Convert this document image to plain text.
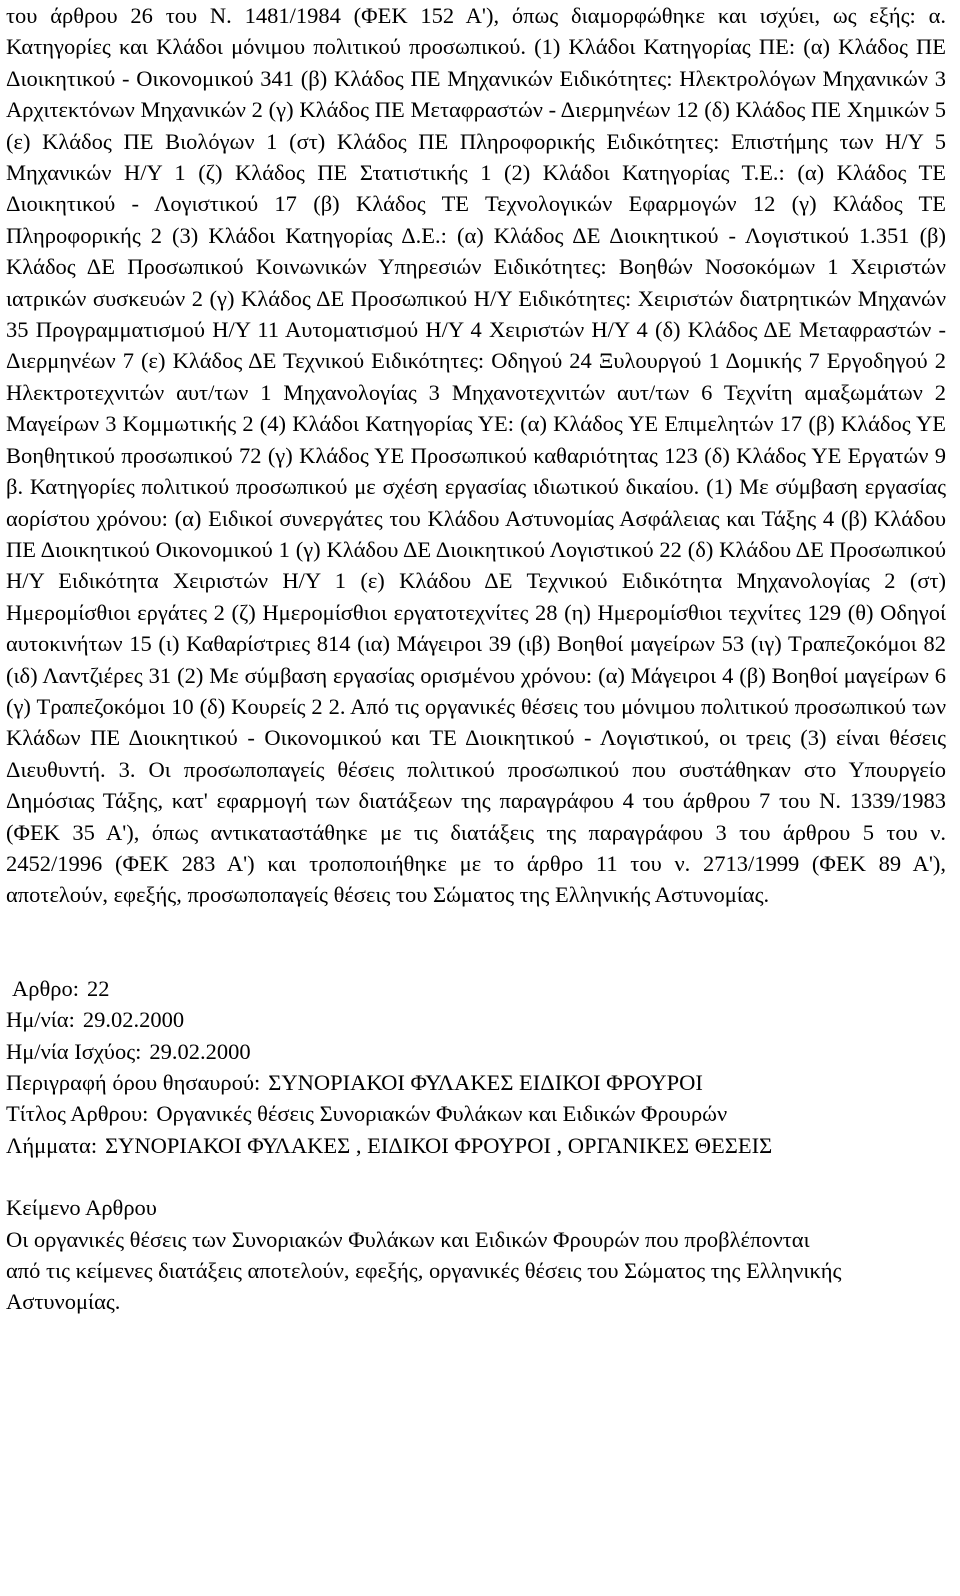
του άρθρου 26 του Ν. 1481/1984 (ΦΕΚ 152 Α'), όπως διαμορφώθηκε και ισχύει, ως εξής: α. Κατηγορίες και Κλάδοι μόνιμου πολιτικού προσωπικού. (1) Κλάδοι Κατηγορίας ΠΕ: (α) Κλάδος ΠΕ Διοικητικού - Οικονομικού 341 (β) Κλάδος ΠΕ Μηχανικών Ειδικότητες: Ηλεκτρολόγων Μηχανικών 3 Αρχιτεκτόνων Μηχανικών 2 (γ) Κλάδος ΠΕ Μεταφραστών - Διερμηνέων 12 (δ) Κλάδος ΠΕ Χημικών 5 (ε) Κλάδος ΠΕ Βιολόγων 1 (στ) Κλάδος ΠΕ Πληροφορικής Ειδικότητες: Επιστήμης των Η/Υ 5 Μηχανικών Η/Υ 1 (ζ) Κλάδος ΠΕ Στατιστικής 1 (2) Κλάδοι Κατηγορίας Τ.Ε.: (α) Κλάδος ΤΕ Διοικητικού - Λογιστικού 17 (β) Κλάδος ΤΕ Τεχνολογικών Εφαρμογών 12 (γ) Κλάδος ΤΕ Πληροφορικής 2 (3) Κλάδοι Κατηγορίας Δ.Ε.: (α) Κλάδος ΔΕ Διοικητικού - Λογιστικού 1.351 (β) Κλάδος ΔΕ Προσωπικού Κοινωνικών Υπηρεσιών Ειδικότητες: Βοηθών Νοσοκόμων 1 Χειριστών ιατρικών συσκευών 2 (γ) Κλάδος ΔΕ Προσωπικού Η/Υ Ειδικότητες: Χειριστών διατρητικών Μηχανών 35 Προγραμματισμού Η/Υ 11 Αυτοματισμού Η/Υ 4 Χειριστών Η/Υ 4 (δ) Κλάδος ΔΕ Μεταφραστών - Διερμηνέων 7 (ε) Κλάδος ΔΕ Τεχνικού Ειδικότητες: Οδηγού 24 Ξυλουργού 1 Δομικής 7 Εργοδηγού 2 Ηλεκτροτεχνιτών αυτ/των 1 Μηχανολογίας 3 Μηχανοτεχνιτών αυτ/των 6 Τεχνίτη αμαξωμάτων 2 Μαγείρων 3 Κομμωτικής 2 (4) Κλάδοι Κατηγορίας ΥΕ: (α) Κλάδος ΥΕ Επιμελητών 17 (β) Κλάδος ΥΕ Βοηθητικού προσωπικού 72 (γ) Κλάδος ΥΕ Προσωπικού καθαριότητας 123 (δ) Κλάδος ΥΕ Εργατών 9 β. Κατηγορίες πολιτικού προσωπικού με σχέση εργασίας ιδιωτικού δικαίου. (1) Με σύμβαση εργασίας αορίστου χρόνου: (α) Ειδικοί συνεργάτες του Κλάδου Αστυνομίας Ασφάλειας και Τάξης 4 (β) Κλάδου ΠΕ Διοικητικού Οικονομικού 1 (γ) Κλάδου ΔΕ Διοικητικού Λογιστικού 22 (δ) Κλάδου ΔΕ Προσωπικού Η/Υ Ειδικότητα Χειριστών Η/Υ 1 (ε) Κλάδου ΔΕ Τεχνικού Ειδικότητα Μηχανολογίας 2 (στ) Ημερομίσθιοι εργάτες 2 (ζ) Ημερομίσθιοι εργατοτεχνίτες 28 (η) Ημερομίσθιοι τεχνίτες 129 (θ) Οδηγοί αυτοκινήτων 15 (ι) Καθαρίστριες 814 (ια) Μάγειροι 39 (ιβ) Βοηθοί μαγείρων 53 (ιγ) Τραπεζοκόμοι 82 (ιδ) Λαντζιέρες 31 (2) Με σύμβαση εργασίας ορισμένου χρόνου: (α) Μάγειροι 4 (β) Βοηθοί μαγείρων 6 (γ) Τραπεζοκόμοι 10 (δ) Κουρείς 2 2. Από τις οργανικές θέσεις του μόνιμου πολιτικού προσωπικού των Κλάδων ΠΕ Διοικητικού - Οικονομικού και ΤΕ Διοικητικού - Λογιστικού, οι τρεις (3) είναι θέσεις Διευθυντή. 3. Οι προσωποπαγείς θέσεις πολιτικού προσωπικού που συστάθηκαν στο Υπουργείο Δημόσιας Τάξης, κατ' εφαρμογή των διατάξεων της παραγράφου 4 του άρθρου 7 του Ν. 1339/1983 (ΦΕΚ 35 Α'), όπως αντικαταστάθηκε με τις διατάξεις της παραγράφου 3 του άρθρου 5 του ν. 2452/1996 (ΦΕΚ 283 Α') και τροποποιήθηκε με το άρθρο 11 του ν. 2713/1999 (ΦΕΚ 89 Α'), αποτελούν, εφεξής, προσωποπαγείς θέσεις του Σώματος της Ελληνικής Αστυνομίας.

Αρθρο: 22

Ημ/νία: 29.02.2000

Ημ/νία Ισχύος: 29.02.2000

Περιγραφή όρου θησαυρού: ΣΥΝΟΡΙΑΚΟΙ ΦΥΛΑΚΕΣ ΕΙΔΙΚΟΙ ΦΡΟΥΡΟΙ

Τίτλος Αρθρου: Οργανικές θέσεις Συνοριακών Φυλάκων και Ειδικών Φρουρών

Λήμματα: ΣΥΝΟΡΙΑΚΟΙ ΦΥΛΑΚΕΣ , ΕΙΔΙΚΟΙ ΦΡΟΥΡΟΙ , ΟΡΓΑΝΙΚΕΣ ΘΕΣΕΙΣ

Κείμενο Αρθρου

Οι οργανικές θέσεις των Συνοριακών Φυλάκων και Ειδικών Φρουρών που προβλέπονται από τις κείμενες διατάξεις αποτελούν, εφεξής, οργανικές θέσεις του Σώματος της Ελληνικής Αστυνομίας.
